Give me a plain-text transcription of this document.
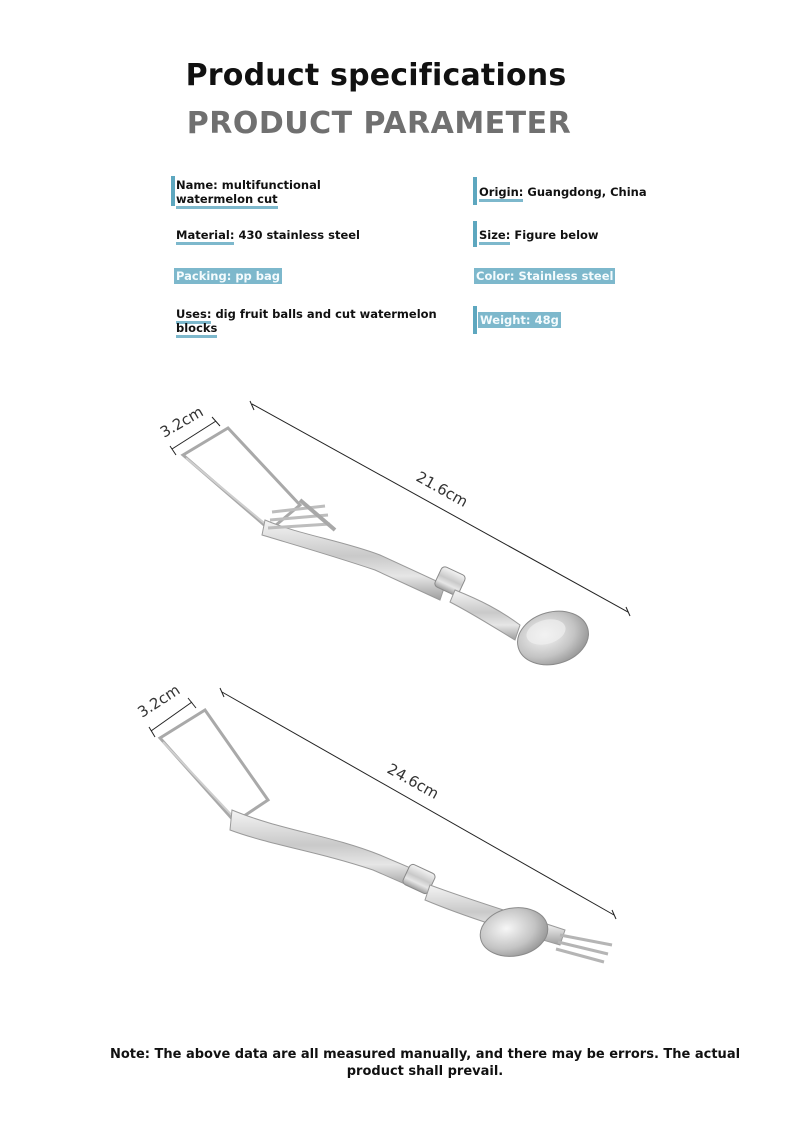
Product specifications
PRODUCT PARAMETER
Name: multifunctional
watermelon cut
Material: 430 stainless steel
Packing: pp bag
Uses: dig fruit balls and cut watermelon
blocks
Origin: Guangdong, China
Size: Figure below
Color: Stainless steel
Weight: 48g
3.2cm
21.6cm
3.2cm
24.6cm
Note: The above data are all measured manually, and there may be errors. The actual product shall prevail.
